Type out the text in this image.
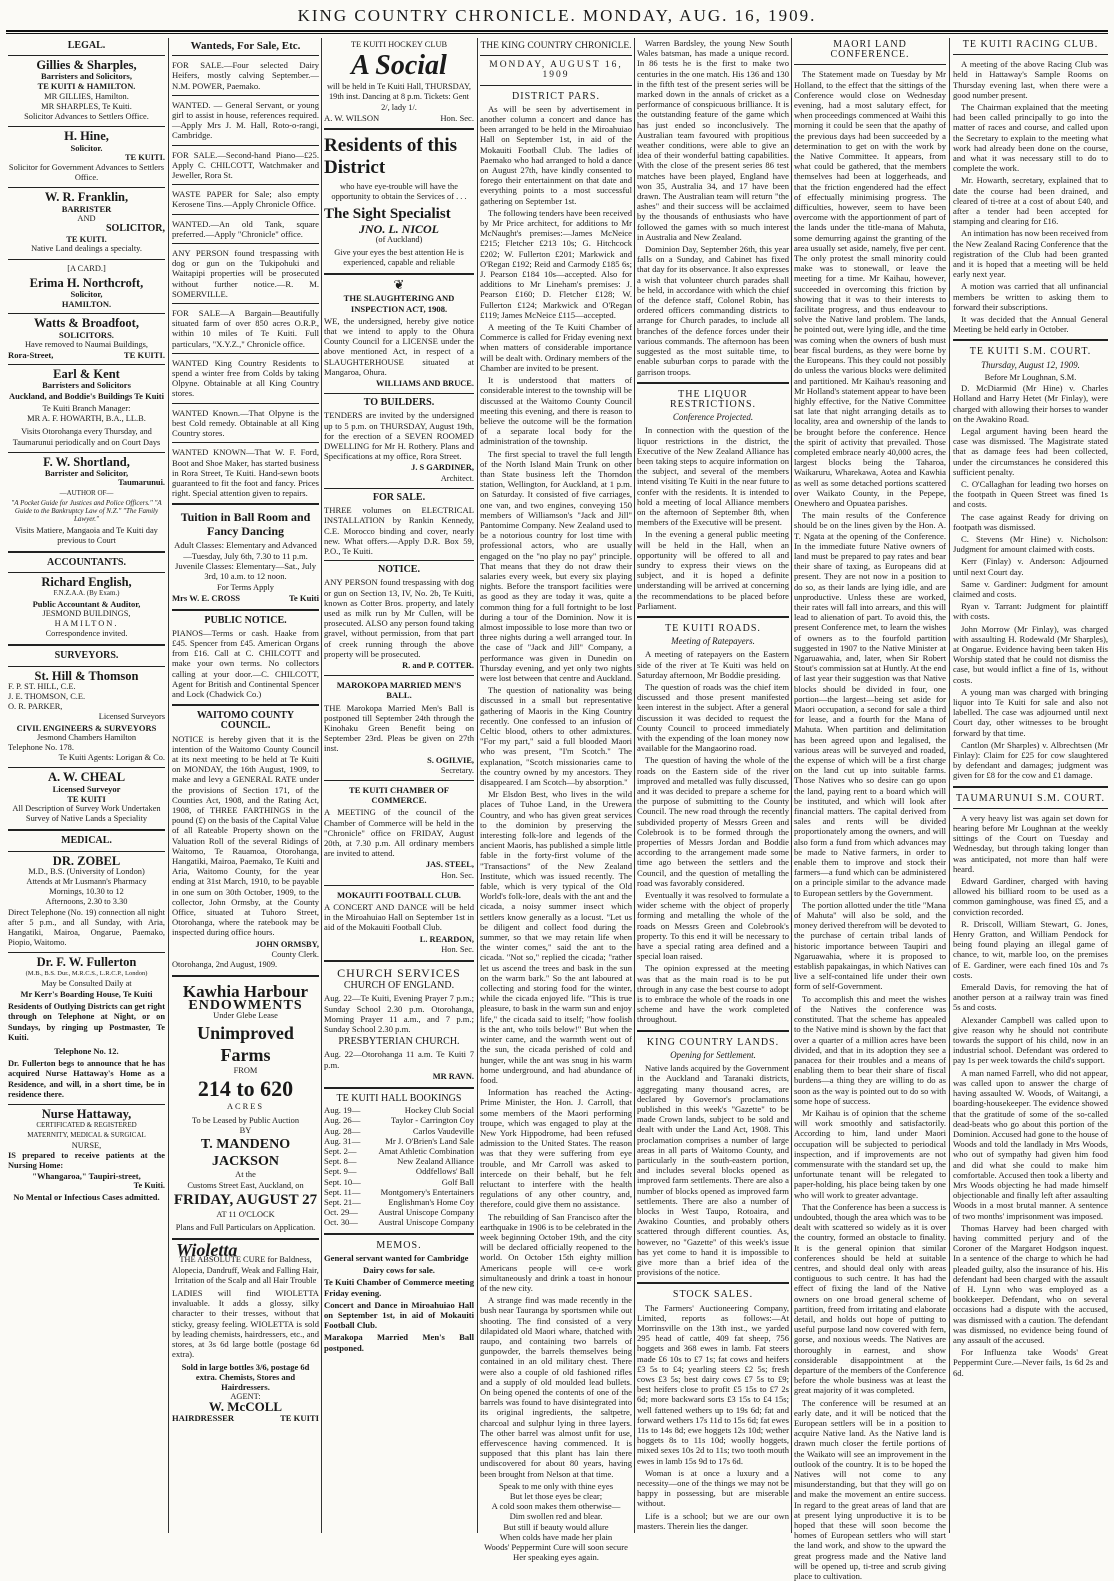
KING COUNTRY CHRONICLE. MONDAY, AUG. 16, 1909.
LEGAL.
Gillies & Sharples,
Barristers and Solicitors,
TE KUITI & HAMILTON.
MR GILLIES, Hamilton.
MR SHARPLES, Te Kuiti.
Solicitor Advances to Settlers Office.
H. Hine,
Solicitor.
TE KUITI.
Solicitor for Government Advances to Settlers Office.
W. R. Franklin,
BARRISTER
AND
SOLICITOR,
TE KUITI.
Native Land dealings a specialty.
[A CARD.]
Erima H. Northcroft,
Solicitor,
HAMILTON.
Watts & Broadfoot,
SOLICITORS.
Have removed to Naumai Buildings,
Rora-Street,	TE KUITI.
Earl & Kent
Barristers and Solicitors
Auckland, and Boddie's Buildings Te Kuiti
Te Kuiti Branch Manager:
MR A. F. HOWARTH, B.A., LL.B.
Visits Otorohanga every Thursday, and Taumarunui periodically and on Court Days
F. W. Shortland,
Barrister and Solicitor,
Taumarunui.
—AUTHOR OF—
"A Pocket Guide for Justices and Police Officers." "A Guide to the Bankruptcy Law of N.Z." "The Family Lawyer."
Visits Matiere, Mangaoia and Te Kuiti day previous to Court
ACCOUNTANTS.
Richard English,
F.N.Z.A.A. (By Exam.)
Public Accountant & Auditor,
JESMOND BUILDINGS,
HAMILTON.
Correspondence invited.
SURVEYORS.
St. Hill & Thomson
F. P. ST. HILL, C.E.
J. E. THOMSON, C.E.
O. R. PARKER,
Licensed Surveyors
CIVIL ENGINEERS & SURVEYORS
Jesmond Chambers Hamilton
Telephone No. 178.
Te Kuiti Agents: Lorigan & Co.
A. W. CHEAL
Licensed Surveyor
TE KUITI
All Description of Survey Work Undertaken
Survey of Native Lands a Speciality
MEDICAL.
DR. ZOBEL
M.D., B.S. (University of London)
Attends at Mr Lusmann's Pharmacy
Mornings, 10.30 to 12
Afternoons, 2.30 to 3.30
Direct Telephone (No. 19) connection all night after 5 p.m., and all Sunday, with Aria, Hangatiki, Mairoa, Ongarue, Paemako, Piopio, Waitomo.
Dr. F. W. Fullerton
(M.B., B.S. Dur., M.R.C.S., L.R.C.P., London)
May be Consulted Daily at
Mr Kerr's Boarding House, Te Kuiti
Residents of Outlying Districts can get right through on Telephone at Night, or on Sundays, by ringing up Postmaster, Te Kuiti.
Telephone No. 12.
Dr. Fullerton begs to announce that he has acquired Nurse Hattaway's Home as a Residence, and will, in a short time, be in residence there.
Nurse Hattaway,
CERTIFICATED & REGISTERED
MATERNITY, MEDICAL & SURGICAL
NURSE,
IS prepared to receive patients at the Nursing Home:
"Whangaroa," Taupiri-street,
Te Kuiti.
No Mental or Infectious Cases admitted.
Wanteds, For Sale, Etc.
FOR SALE.—Four selected Dairy Heifers, mostly calving September.—N.M. POWER, Paemako.
WANTED. — General Servant, or young girl to assist in house, references required.—Apply Mrs J. M. Hall, Roto-o-rangi, Cambridge.
FOR SALE.—Second-hand Piano—£25. Apply C. CHILCOTT, Watchmaker and Jeweller, Rora St.
WASTE PAPER for Sale; also empty Kerosene Tins.—Apply Chronicle Office.
WANTED.—An old Tank, square preferred.—Apply "Chronicle" office.
ANY PERSON found trespassing with dog or gun on the Tukipohuki and Waitapipi properties will be prosecuted without further notice.—R. M. SOMERVILLE.
FOR SALE—A Bargain—Beautifully situated farm of over 850 acres O.R.P., within 10 miles of Te Kuiti. Full particulars, "X.Y.Z.," Chronicle office.
WANTED King Country Residents to spend a winter free from Colds by taking Olpyne. Obtainable at all King Country stores.
WANTED Known.—That Olpyne is the best Cold remedy. Obtainable at all King Country stores.
WANTED KNOWN—That W. F. Ford, Boot and Shoe Maker, has started business in Rora Street, Te Kuiti. Hand-sewn boots guaranteed to fit the foot and fancy. Prices right. Special attention given to repairs.
Tuition in Ball Room and Fancy Dancing
Adult Classes: Elementary and Advanced—Tuesday, July 6th, 7.30 to 11 p.m. Juvenile Classes: Elementary—Sat., July 3rd, 10 a.m. to 12 noon.
For Terms Apply
Mrs W. E. CROSS	Te Kuiti
PUBLIC NOTICE.
PIANOS—Terms or cash. Haake from £45. Spencer from £45. American Organs from £16. Call at C. CHILCOTT and make your own terms. No collectors calling at your door.—C. CHILCOTT, Agent for British and Continental Spencer and Lock (Chadwick Co.)
WAITOMO COUNTY COUNCIL.
NOTICE is hereby given that it is the intention of the Waitomo County Council at its next meeting to be held at Te Kuiti on MONDAY, the 16th August, 1909, to make and levy a GENERAL RATE under the provisions of Section 171, of the Counties Act, 1908, and the Rating Act, 1908, of THREE FARTHINGS in the pound (£) on the basis of the Capital Value of all Rateable Property shown on the Valuation Roll of the several Ridings of Waitomo, Te Rauamoa, Otorohanga, Hangatiki, Mairoa, Paemako, Te Kuiti and Aria, Waitomo County, for the year ending at 31st March, 1910, to be payable in one sum on 30th October, 1909, to the collector, John Ormsby, at the County Office, situated at Tuhoro Street, Otorohanga, where the ratebook may be inspected during office hours.
JOHN ORMSBY,
County Clerk.
Otorohanga, 2nd August, 1909.
Kawhia Harbour
ENDOWMENTS
Under Glebe Lease
Unimproved Farms
FROM
214 to 620
ACRES
To be Leased by Public Auction
BY
T. MANDENO JACKSON
At the
Customs Street East, Auckland, on
FRIDAY, AUGUST 27
AT 11 O'CLOCK
Plans and Full Particulars on Application.
Wioletta
THE ABSOLUTE CURE for Baldness, Alopecia, Dandruff, Weak and Falling Hair, Irritation of the Scalp and all Hair Trouble
LADIES will find WIOLETTA invaluable. It adds a glossy, silky character to their tresses, without that sticky, greasy feeling. WIOLETTA is sold by leading chemists, hairdressers, etc., and stores, at 3s 6d large bottle (postage 6d extra).
Sold in large bottles 3/6, postage 6d extra. Chemists, Stores and Hairdressers.
AGENT:
W. McCOLL
HAIRDRESSER	TE KUITI
TE KUITI HOCKEY CLUB
A Social
will be held in Te Kuiti Hall, THURSDAY, 19th inst. Dancing at 8 p.m. Tickets: Gent 2/, lady 1/.
A. W. WILSON	Hon. Sec.
Residents of this District
who have eye-trouble will have the opportunity to obtain the Services of . . .
The Sight Specialist
JNO. L. NICOL
(of Auckland)
Give your eyes the best attention He is experienced, capable and reliable
❦
THE SLAUGHTERING AND INSPECTION ACT, 1908.
WE, the undersigned, hereby give notice that we intend to apply to the Ohura County Council for a LICENSE under the above mentioned Act, in respect of a SLAUGHTERHOUSE situated at Mangaroa, Ohura.
WILLIAMS AND BRUCE.
TO BUILDERS.
TENDERS are invited by the undersigned up to 5 p.m. on THURSDAY, August 19th, for the erection of a SEVEN ROOMED DWELLING for Mr H. Rothery. Plans and Specifications at my office, Rora Street.
J. S GARDINER,
Architect.
FOR SALE.
THREE volumes on ELECTRICAL INSTALLATION by Rankin Kennedy, C.E. Morocco binding and cover, nearly new. What offers.—Apply D.R. Box 59, P.O., Te Kuiti.
NOTICE.
ANY PERSON found trespassing with dog or gun on Section 13, IV, No. 2b, Te Kuiti, known as Cotter Bros. property, and lately used as milk run by Mr Cullen, will be prosecuted. ALSO any person found taking gravel, without permission, from that part of creek running through the above property will be prosecuted.
R. and P. COTTER.
MAROKOPA MARRIED MEN'S BALL.
THE Marokopa Married Men's Ball is postponed till September 24th through the Kinohaku Green Benefit being on September 23rd. Pleas be given on 27th inst.
S. OGILVIE,
Secretary.
TE KUITI CHAMBER OF COMMERCE.
A MEETING of the council of the Chamber of Commerce will be held in the "Chronicle" office on FRIDAY, August 20th, at 7.30 p.m. All ordinary members are invited to attend.
JAS. STEEL,
Hon. Sec.
MOKAUITI FOOTBALL CLUB.
A CONCERT AND DANCE will be held in the Miroahuiao Hall on September 1st in aid of the Mokauiti Football Club.
L. REARDON,
Hon. Sec.
CHURCH SERVICES
CHURCH OF ENGLAND.
Aug. 22—Te Kuiti, Evening Prayer 7 p.m.; Sunday School 2.30 p.m. Otorohanga, Morning Prayer 11 a.m., and 7 p.m.; Sunday School 2.30 p.m.
PRESBYTERIAN CHURCH.
Aug. 22—Otorohanga 11 a.m. Te Kuiti 7 p.m.
MR RAVN.
TE KUITI HALL BOOKINGS
Aug. 19—	Hockey Club Social
Aug. 26—	Taylor - Carrington Coy
Aug. 28—	Carlos Vaudeville
Aug. 31—	Mr J. O'Brien's Land Sale
Sept. 2—	Amat Athletic Combination
Sept. 8—	New Zealand Alliance
Sept. 9—	Oddfellows' Ball
Sept. 10—	Golf Ball
Sept. 11— Montgomery's Entertainers
Sept. 21—	Englishman's Home Coy
Oct. 29— Austral Uniscope Company
Oct. 30— Austral Uniscope Company
MEMOS.
General servant wanted for Cambridge
Dairy cows for sale.
Te Kuiti Chamber of Commerce meeting Friday evening.
Concert and Dance in Miroahuiao Hall on September 1st, in aid of Mokauiti Football Club.
Marakopa Married Men's Ball postponed.
THE KING COUNTRY CHRONICLE.
MONDAY, AUGUST 16, 1909
DISTRICT PARS.

As will be seen by advertisement in another column a concert and dance has been arranged to be held in the Miroahuiao Hall on September 1st, in aid of the Mokauiti Football Club. The ladies of Paemako who had arranged to hold a dance on August 27th, have kindly consented to forego their entertainment on that date and everything points to a most successful gathering on September 1st.

The following tenders have been received by Mr Price architect, for additions to Mr McNaught's premises:—James McNeice £215; Fletcher £213 10s; G. Hitchcock £202; W. Fullerton £201; Markwick and O'Regan £192; Reid and Carmody £185 6s; J. Pearson £184 10s—accepted. Also for additions to Mr Lineham's premises: J. Pearson £160; D. Fletcher £128; W. Fullerton £124; Markwick and O'Regan £119; James McNeice £115—accepted.

A meeting of the Te Kuiti Chamber of Commerce is called for Friday evening next when matters of considerable importance will be dealt with. Ordinary members of the Chamber are invited to be present.

It is understood that matters of considerable interest to the township will be discussed at the Waitomo County Council meeting this evening, and there is reason to believe the outcome will be the formation of a separate local body for the administration of the township.

The first special to travel the full length of the North Island Main Trunk on other than State business left the Thorndon station, Wellington, for Auckland, at 1 p.m. on Saturday. It consisted of five carriages, one van, and two engines, conveying 150 members of Williamson's "Jack and Jill" Pantomime Company. New Zealand used to be a notorious country for lost time with professional actors, who are usually engaged on the "no play no pay" principle. That means that they do not draw their salaries every week, but every six playing nights. Before the transport facilities were as good as they are today it was, quite a common thing for a full fortnight to be lost during a tour of the Dominion. Now it is almost impossible to lose more than two or three nights during a well arranged tour. In the case of "Jack and Jill" Company, a performance was given in Dunedin on Thursday evening, and yet only two nights were lost between that centre and Auckland.

The question of nationality was being discussed in a small but representative gathering of Maoris in the King Country recently. One confessed to an infusion of Celtic blood, others to other admixtures. "For my part," said a full blooded Maori who was present, "I'm Scotch." The explanation, "Scotch missionaries came to the country owned by my ancestors. They disappeared. I am Scotch—by absorption."

Mr Elsdon Best, who lives in the wild places of Tuhoe Land, in the Urewera Country, and who has given great services to the dominion by preserving the interesting folk-lore and legends of the ancient Maoris, has published a simple little fable in the forty-first volume of the "Transactions" of the New Zealand Institute, which was issued recently. The fable, which is very typical of the Old World's folk-lore, deals with the ant and the cicada, a noisy summer insect which settlers know generally as a locust. "Let us be diligent and collect food during the summer, so that we may retain life when the winter comes," said the ant to the cicada. "Not so," replied the cicada; "rather let us ascend the trees and bask in the sun on the warm bark." So the ant laboured at collecting and storing food for the winter, while the cicada enjoyed life. "This is true pleasure, to bask in the warm sun and enjoy life," the cicada said to itself; "how foolish is the ant, who toils below!" But when the winter came, and the warmth went out of the sun, the cicada perished of cold and hunger, while the ant was snug in his warm home underground, and had abundance of food.

Information has reached the Acting-Prime Minister, the Hon. J. Carroll, that some members of the Maori performing troupe, which was engaged to play at the New York Hippodrome, had been refused admission to the United States. The reason was that they were suffering from eye trouble, and Mr Carroll was asked to intercede on their behalf, but he felt reluctant to interfere with the health regulations of any other country, and, therefore, could give them no assistance.

The rebuilding of San Francisco after the earthquake in 1906 is to be celebrated in the week beginning October 19th, and the city will be declared officially reopened to the world. On October 15th eighty million Americans people will ce-e work simultaneously and drink a toast in honour of the new city.

A strange find was made recently in the bush near Tauranga by sportsmen while out shooting. The find consisted of a very dilapidated old Maori whare, thatched with raupo, and containing two barrels of gunpowder, the barrels themselves being contained in an old military chest. There were also a couple of old fashioned rifles and a supply of old moulded lead bullets. On being opened the contents of one of the barrels was found to have disintegrated into its original ingredients, the saltpetre, charcoal and sulphur lying in three layers. The other barrel was almost unfit for use, effervescence having commenced. It is supposed that this plant has lain there undiscovered for about 80 years, having been brought from Nelson at that time.

Speak to me only with thine eyes
But let those eyes be clear;
A cold soon makes them otherwise—
Dim swollen red and blear.
But still if beauty would allure
When colds have made her plain
Woods' Peppermint Cure will soon secure
Her speaking eyes again.

Warren Bardsley, the young New South Wales batsman, has made a unique record. In 86 tests he is the first to make two centuries in the one match. His 136 and 130 in the fifth test of the present series will be marked down in the annals of cricket as a performance of conspicuous brilliance. It is the outstanding feature of the game which has just ended so inconclusively. The Australian team favoured with propitious weather conditions, were able to give an idea of their wonderful batting capabilities. With the close of the present series 86 test matches have been played, England have won 35, Australia 34, and 17 have been drawn. The Australian team will return "the ashes" and their success will be acclaimed by the thousands of enthusiasts who have followed the games with so much interest in Australia and New Zealand.

Dominion Day, September 26th, this year falls on a Sunday, and Cabinet has fixed that day for its observance. It also expresses a wish that volunteer church parades shall be held, in accordance with which the chief of the defence staff, Colonel Robin, has ordered officers commanding districts to arrange for Church parades, to include all branches of the defence forces under their various commands. The afternoon has been suggested as the most suitable time, to enable suburban corps to parade with the garrison troops.

THE LIQUOR RESTRICTIONS.
Conference Projected.

In connection with the question of the liquor restrictions in the district, the Executive of the New Zealand Alliance has been taking steps to acquire information on the subject, and several of the members intend visiting Te Kuiti in the near future to confer with the residents. It is intended to hold a meeting of local Alliance members on the afternoon of September 8th, when members of the Executive will be present.

In the evening a general public meeting will be held in the Hall, when an opportunity will be offered to all and sundry to express their views on the subject, and it is hoped a definite understanding will be arrived at concerning the recommendations to be placed before Parliament.

TE KUITI ROADS.
Meeting of Ratepayers.

A meeting of ratepayers on the Eastern side of the river at Te Kuiti was held on Saturday afternoon, Mr Boddie presiding.

The question of roads was the chief item discussed and those present manifested keen interest in the subject. After a general discussion it was decided to request the County Council to proceed immediately with the expending of the loan money now available for the Mangaorino road.

The question of having the whole of the roads on the Eastern side of the river improved and metalled was fully discussed, and it was decided to prepare a scheme for the purpose of submitting to the County Council. The new road through the recently subdivided property of Messrs Green and Colebrook is to be formed through the properties of Messrs Jordan and Boddie according to the arrangement made some time ago between the settlers and the Council, and the question of metalling the road was favorably considered.

Eventually it was resolved to formulate a wider scheme with the object of properly forming and metalling the whole of the roads on Messrs Green and Colebrook's property. To this end it will be necessary to have a special rating area defined and a special loan raised.

The opinion expressed at the meeting was that as the main road is to be put through in any case the best course to adopt is to embrace the whole of the roads in one scheme and have the work completed throughout.

KING COUNTRY LANDS.
Opening for Settlement.

Native lands acquired by the Government in the Auckland and Taranaki districts, aggregating many thousand acres, are declared by Governor's proclamations published in this week's "Gazette" to be made Crown lands, subject to be sold and dealt with under the Land Act, 1908. This proclamation comprises a number of large areas in all parts of Waitomo County, and particularly in the south-eastern portion, and includes several blocks opened as improved farm settlements. There are also a number of blocks opened as improved farm settlements. There are also a number of blocks in West Taupo, Rotoaira, and Awakino Counties, and probably others scattered through different counties. As, however, no "Gazette" of this week's issue has yet come to hand it is impossible to give more than a brief idea of the provisions of the notice.

STOCK SALES.

The Farmers' Auctioneering Company, Limited, reports as follows:—At Morrinsville on the 13th inst., we yarded 295 head of cattle, 409 fat sheep, 756 hoggets and 368 ewes in lamb. Fat steers made £6 10s to £7 1s; fat cows and heifers £3 5s to £4; yearling steers £2 5s; fresh cows £3 5s; best dairy cows £7 5s to £9; best heifers close to profit £5 15s to £7 2s 6d; more backward sorts £3 15s to £4 15s; well fattened wethers up to 19s 6d; fat and forward wethers 17s 11d to 15s 6d; fat ewes 11s to 14s 8d; ewe hoggets 12s 10d; wether hoggets 8s to 11s 10d; woolly hoggets, mixed sexes 10s 2d to 11s; two tooth mouth ewes in lamb 15s 9d to 17s 6d.

Woman is at once a luxury and a necessity—one of the things we may not be happy in possessing, but are miserable without.

Life is a school; but we are our own masters. Therein lies the danger.

MAORI LAND CONFERENCE.

The Statement made on Tuesday by Mr Holland, to the effect that the sittings of the Conference would close on Wednesday evening, had a most salutary effect, for when proceedings commenced at Waihi this morning it could be seen that the apathy of the previous days had been succeeded by a determination to get on with the work by the Native Committee. It appears, from what could be gathered, that the members themselves had been at loggerheads, and that the friction engendered had the effect of effectually minimising progress. The difficulties, however, seem to have been overcome with the apportionment of part of the lands under the title-mana of Mahuta, some demurring against the granting of the area usually set aside, namely, five per cent. The only protest the small minority could make was to stonewall, or leave the meeting for a time. Mr Kaihau, however, succeeded in overcoming this friction by showing that it was to their interests to facilitate progress, and thus endeavour to solve the Native land problem. The lands, he pointed out, were lying idle, and the time was coming when the owners of bush must bear fiscal burdens, as they were borne by the Europeans. This they could not possibly do unless the various blocks were delimited and partitioned. Mr Kaihau's reasoning and Mr Holland's statement appear to have been highly effective, for the Native Committee sat late that night arranging details as to locality, area and ownership of the lands to be brought before the conference. Hence the spirit of activity that prevailed. Those completed embrace nearly 40,000 acres, the largest blocks being the Taharoa, Waikaruru, Wharekawa, Aotea and Kawhia as well as some detached portions scattered over Waikato County, in the Pepepe, Onewhero and Opuatea parishes.

The main results of the Conference should be on the lines given by the Hon. A. T. Ngata at the opening of the Conference. In the immediate future Native owners of land must be prepared to pay rates and bear their share of taxing, as Europeans did at present. They are not now in a position to do so, as their lands are lying idle, and are unproductive. Unless these are worked, their rates will fall into arrears, and this will lead to alienation of part. To avoid this, the present Conference met, to learn the wishes of owners as to the fourfold partition suggested in 1907 to the Native Minister at Ngaruawahia, and, later, when Sir Robert Stout's commission sat at Huntly. At the end of last year their suggestion was that Native blocks should be divided in four, one portion—the largest—being set aside for Maori occupation, a second for sale a third for lease, and a fourth for the Mana of Mahuta. When partition and delimitation has been agreed upon and legalised, the various areas will be surveyed and roaded, the expense of which will be a first charge on the land cut up into suitable farms. Those Natives who so desire can go upon the land, paying rent to a board which will be instituted, and which will look after financial matters. The capital derived from sales and rents will be divided proportionately among the owners, and will also form a fund from which advances may be made to Native farmers, in order to enable them to improve and stock their farmers—a fund which can be administered on a principle similar to the advance made to European settlers by the Government.

The portion allotted under the title "Mana of Mahuta" will also be sold, and the money derived therefrom will be devoted to the purchase of certain tribal lands of historic importance between Taupiri and Ngaruawahia, where it is proposed to establish papakaingas, in which Natives can live a self-contained life under their own form of self-Government.

To accomplish this and meet the wishes of the Natives the conference was constituted. That the scheme has appealed to the Native mind is shown by the fact that over a quarter of a million acres have been divided, and that in its adoption they see a panacea for their troubles and a means of enabling them to bear their share of fiscal burdens—a thing they are willing to do as soon as the way is pointed out to do so with some hope of success.

Mr Kaihau is of opinion that the scheme will work smoothly and satisfactorily. According to him, land under Maori occupation will be subjected to periodical inspection, and if improvements are not commensurate with the standard set up, the unfortunate tenant will be relegated to paper-holding, his place being taken by one who will work to greater advantage.

That the Conference has been a success is undoubted, though the area which was to be dealt with scattered so widely as it is over the country, formed an obstacle to finality. It is the general opinion that similar conferences should be held at suitable centres, and should deal only with areas contiguous to such centre. It has had the effect of fixing the land of the Native owners on one broad general scheme of partition, freed from irritating and elaborate detail, and holds out hope of putting to useful purpose land now covered with fern, gorse, and noxious weeds. The Natives are thoroughly in earnest, and show considerable disappointment at the departure of the members of the Conference before the whole business was at least the great majority of it was completed.

The conference will be resumed at an early date, and it will be noticed that the European settlers will be in a position to acquire Native land. As the Native land is drawn much closer the fertile portions of the Waikato will see an improvement in the outlook of the country. It is to be hoped the Natives will not come to any misunderstanding, but that they will go on and make the movement an entire success. In regard to the great areas of land that are at present lying unproductive it is to be hoped that these will soon become the homes of European settlers who will start the land work, and show to the upward the great progress made and the Native land will be opened up, ti-tree and scrub giving place to cultivation.

TE KUITI RACING CLUB.

A meeting of the above Racing Club was held in Hattaway's Sample Rooms on Thursday evening last, when there were a good number present.

The Chairman explained that the meeting had been called principally to go into the matter of races and course, and called upon the Secretary to explain to the meeting what work had already been done on the course, and what it was necessary still to do to complete the work.

Mr. Howarth, secretary, explained that to date the course had been drained, and cleared of ti-tree at a cost of about £40, and after a tender had been accepted for stamping and clearing for £16.

An intimation has now been received from the New Zealand Racing Conference that the registration of the Club had been granted and it is hoped that a meeting will be held early next year.

A motion was carried that all unfinancial members be written to asking them to forward their subscriptions.

It was decided that the Annual General Meeting be held early in October.

TE KUITI S.M. COURT.
Thursday, August 12, 1909.
Before Mr Loughnan, S.M.

D. McDiarmid (Mr Hine) v. Charles Holland and Harry Hetet (Mr Finlay), were charged with allowing their horses to wander on the Awakino Road.

Legal argument having been heard the case was dismissed. The Magistrate stated that as damage fees had been collected, under the circumstances he considered this sufficient penalty.

C. O'Callaghan for leading two horses on the footpath in Queen Street was fined 1s and costs.

The case against Ready for driving on footpath was dismissed.

C. Stevens (Mr Hine) v. Nicholson: Judgment for amount claimed with costs.

Kerr (Finlay) v. Anderson: Adjourned until next Court day.

Same v. Gardiner: Judgment for amount claimed and costs.

Ryan v. Tarrant: Judgment for plaintiff with costs.

John Morrow (Mr Finlay), was charged with assaulting H. Rodewald (Mr Sharples), at Ongarue. Evidence having been taken His Worship stated that he could not dismiss the case, but would inflict a fine of 1s, without costs.

A young man was charged with bringing liquor into Te Kuiti for sale and also not labelled. The case was adjourned until next Court day, other witnesses to be brought forward by that time.

Cantlon (Mr Sharples) v. Albrechtsen (Mr Finlay): Claim for £25 for cow slaughtered by defendant and damages; judgment was given for £8 for the cow and £1 damage.

TAUMARUNUI S.M. COURT.

A very heavy list was again set down for hearing before Mr Loughnan at the weekly sittings of the Court on Tuesday and Wednesday, but through taking longer than was anticipated, not more than half were heard.

Edward Gardiner, charged with having allowed his billiard room to be used as a common gaminghouse, was fined £5, and a conviction recorded.

R. Driscoll, William Stewart, G. Jones, Henry Gratton, and William Pendock for being found playing an illegal game of chance, to wit, marble loo, on the premises of E. Gardiner, were each fined 10s and 7s costs.

Emerald Davis, for removing the hat of another person at a railway train was fined 5s and costs.

Alexander Campbell was called upon to give reason why he should not contribute towards the support of his child, now in an industrial school. Defendant was ordered to pay 1s per week towards the child's support.

A man named Farrell, who did not appear, was called upon to answer the charge of having assaulted W. Woods, of Waitangi, a boarding-housekeeper. The evidence showed that the gratitude of some of the so-called dead-beats who go about this portion of the Dominion. Accused had gone to the house of Woods and told the landlady in Mrs Woods, who out of sympathy had given him food and did what she could to make him comfortable. Accused then took a liberty and Mrs Woods objecting he had made himself objectionable and finally left after assaulting Woods in a most brutal manner. A sentence of two months' imprisonment was imposed.

Thomas Harvey had been charged with having committed perjury and of the Coroner of the Margaret Hodgson inquest. In a sentence of the charge to which he had pleaded guilty, also the insurance of his. His defendant had been charged with the assault of H. Lynn who was employed as a bookkeeper. Defendant, who on several occasions had a dispute with the accused, was dismissed with a caution. The defendant was dismissed, no evidence being found of any assault of the accused.

For Influenza take Woods' Great Peppermint Cure.—Never fails, 1s 6d 2s and 6d.
